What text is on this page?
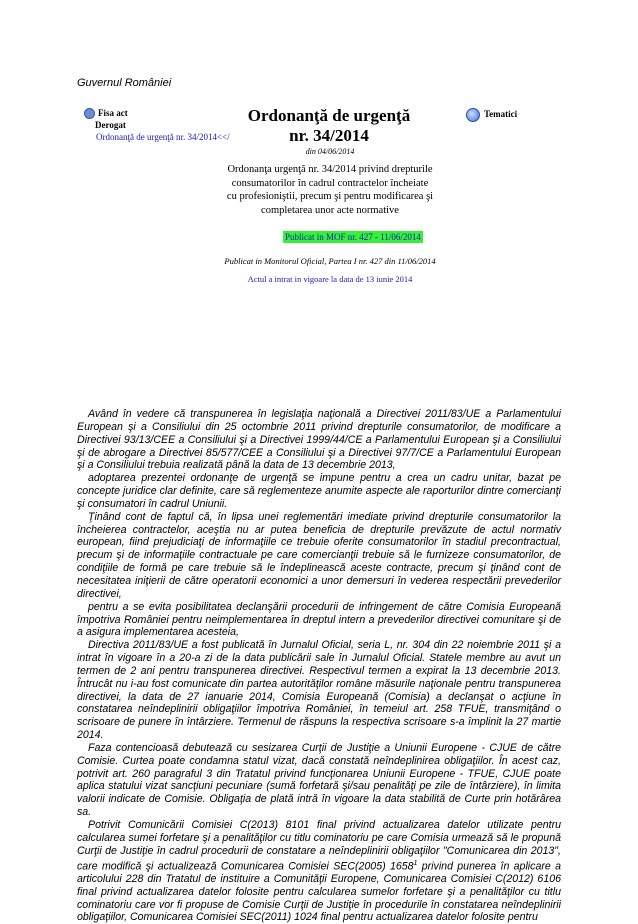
Guvernul României
Fisa act
Derogat
Ordonanţă de urgenţă nr. 34/2014<</
Tematici
Ordonanţă de urgenţă nr. 34/2014
din 04/06/2014
Ordonanţa urgenţă nr. 34/2014 privind drepturile consumatorilor în cadrul contractelor încheiate cu profesioniştii, precum şi pentru modificarea şi completarea unor acte normative
Publicat in MOF nr. 427 - 11/06/2014
Publicat in Monitorul Oficial, Partea I nr. 427 din 11/06/2014
Actul a intrat in vigoare la data de 13 iunie 2014

Având în vedere că transpunerea în legislaţia naţională a Directivei 2011/83/UE a Parlamentului European şi a Consiliului din 25 octombrie 2011 privind drepturile consumatorilor, de modificare a Directivei 93/13/CEE a Consiliului şi a Directivei 1999/44/CE a Parlamentului European şi a Consiliului şi de abrogare a Directivei 85/577/CEE a Consiliului şi a Directivei 97/7/CE a Parlamentului European şi a Consiliului trebuia realizată până la data de 13 decembrie 2013,

adoptarea prezentei ordonanţe de urgenţă se impune pentru a crea un cadru unitar, bazat pe concepte juridice clar definite, care să reglementeze anumite aspecte ale raporturilor dintre comercianţi şi consumatori în cadrul Uniunii.

Ţinând cont de faptul că, în lipsa unei reglementări imediate privind drepturile consumatorilor la încheierea contractelor, aceştia nu ar putea beneficia de drepturile prevăzute de actul normativ european, fiind prejudiciaţi de informaţiile ce trebuie oferite consumatorilor în stadiul precontractual, precum şi de informaţiile contractuale pe care comercianţii trebuie să le furnizeze consumatorilor, de condiţiile de formă pe care trebuie să le îndeplinească aceste contracte, precum şi ţinând cont de necesitatea iniţierii de către operatorii economici a unor demersuri în vederea respectării prevederilor directivei,

pentru a se evita posibilitatea declanşării procedurii de infringement de către Comisia Europeană împotriva României pentru neimplementarea în dreptul intern a prevederilor directivei comunitare şi de a asigura implementarea acesteia,

Directiva 2011/83/UE a fost publicată în Jurnalul Oficial, seria L, nr. 304 din 22 noiembrie 2011 şi a intrat în vigoare în a 20-a zi de la data publicării sale în Jurnalul Oficial. Statele membre au avut un termen de 2 ani pentru transpunerea directivei. Respectivul termen a expirat la 13 decembrie 2013. Întrucât nu i-au fost comunicate din partea autorităţilor române măsurile naţionale pentru transpunerea directivei, la data de 27 ianuarie 2014, Comisia Europeană (Comisia) a declanşat o acţiune în constatarea neîndeplinirii obligaţiilor împotriva României, în temeiul art. 258 TFUE, transmiţând o scrisoare de punere în întârziere. Termenul de răspuns la respectiva scrisoare s-a împlinit la 27 martie 2014.

Faza contencioasă debutează cu sesizarea Curţii de Justiţie a Uniunii Europene - CJUE de către Comisie. Curtea poate condamna statul vizat, dacă constată neîndeplinirea obligaţiilor. În acest caz, potrivit art. 260 paragraful 3 din Tratatul privind funcţionarea Uniunii Europene - TFUE, CJUE poate aplica statului vizat sancţiuni pecuniare (sumă forfetară şi/sau penalităţi pe zile de întârziere), în limita valorii indicate de Comisie. Obligaţia de plată intră în vigoare la data stabilită de Curte prin hotărârea sa.

Potrivit Comunicării Comisiei C(2013) 8101 final privind actualizarea datelor utilizate pentru calcularea sumei forfetare şi a penalităţilor cu titlu cominatoriu pe care Comisia urmează să le propună Curţii de Justiţie în cadrul procedurii de constatare a neîndeplinirii obligaţiilor "Comunicarea din 2013", care modifică şi actualizează Comunicarea Comisiei SEC(2005) 1658$^1$ privind punerea în aplicare a articolului 228 din Tratatul de instituire a Comunităţii Europene, Comunicarea Comisiei C(2012) 6106 final privind actualizarea datelor folosite pentru calcularea sumelor forfetare şi a penalităţilor cu titlu cominatoriu care vor fi propuse de Comisie Curţii de Justiţie în procedurile în constatarea neîndeplinirii obligaţiilor, Comunicarea Comisiei SEC(2011) 1024 final pentru actualizarea datelor folosite pentru
